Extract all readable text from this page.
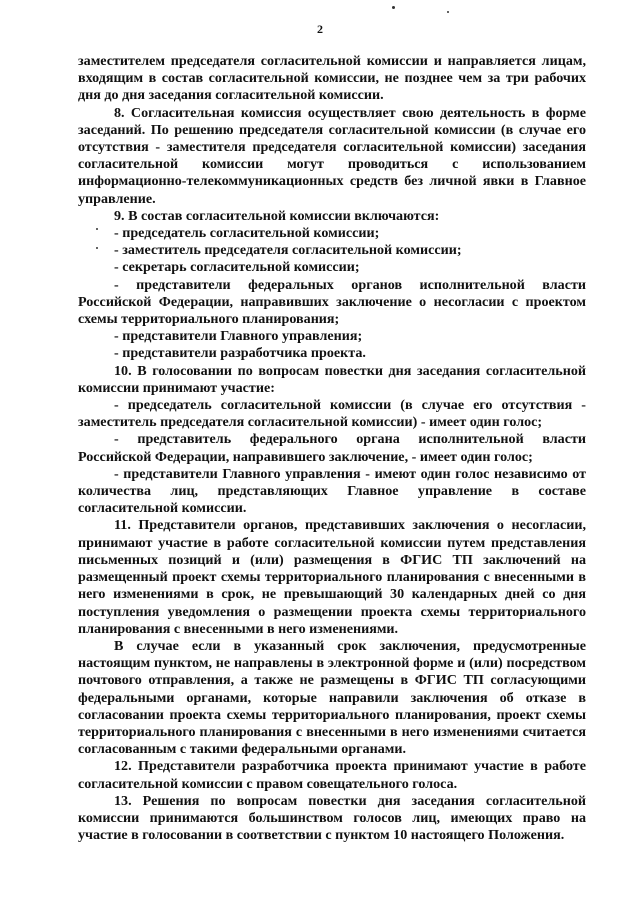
2

заместителем председателя согласительной комиссии и направляется лицам, входящим в состав согласительной комиссии, не позднее чем за три рабочих дня до дня заседания согласительной комиссии.

8. Согласительная комиссия осуществляет свою деятельность в форме заседаний. По решению председателя согласительной комиссии (в случае его отсутствия - заместителя председателя согласительной комиссии) заседания согласительной комиссии могут проводиться с использованием информационно-телекоммуникационных средств без личной явки в Главное управление.

9. В состав согласительной комиссии включаются:

- председатель согласительной комиссии;

- заместитель председателя согласительной комиссии;

- секретарь согласительной комиссии;

- представители федеральных органов исполнительной власти Российской Федерации, направивших заключение о несогласии с проектом схемы территориального планирования;

- представители Главного управления;

- представители разработчика проекта.

10. В голосовании по вопросам повестки дня заседания согласительной комиссии принимают участие:

- председатель согласительной комиссии (в случае его отсутствия - заместитель председателя согласительной комиссии) - имеет один голос;

- представитель федерального органа исполнительной власти Российской Федерации, направившего заключение, - имеет один голос;

- представители Главного управления - имеют один голос независимо от количества лиц, представляющих Главное управление в составе согласительной комиссии.

11. Представители органов, представивших заключения о несогласии, принимают участие в работе согласительной комиссии путем представления письменных позиций и (или) размещения в ФГИС ТП заключений на размещенный проект схемы территориального планирования с внесенными в него изменениями в срок, не превышающий 30 календарных дней со дня поступления уведомления о размещении проекта схемы территориального планирования с внесенными в него изменениями.

В случае если в указанный срок заключения, предусмотренные настоящим пунктом, не направлены в электронной форме и (или) посредством почтового отправления, а также не размещены в ФГИС ТП согласующими федеральными органами, которые направили заключения об отказе в согласовании проекта схемы территориального планирования, проект схемы территориального планирования с внесенными в него изменениями считается согласованным с такими федеральными органами.

12. Представители разработчика проекта принимают участие в работе согласительной комиссии с правом совещательного голоса.

13. Решения по вопросам повестки дня заседания согласительной комиссии принимаются большинством голосов лиц, имеющих право на участие в голосовании в соответствии с пунктом 10 настоящего Положения.
